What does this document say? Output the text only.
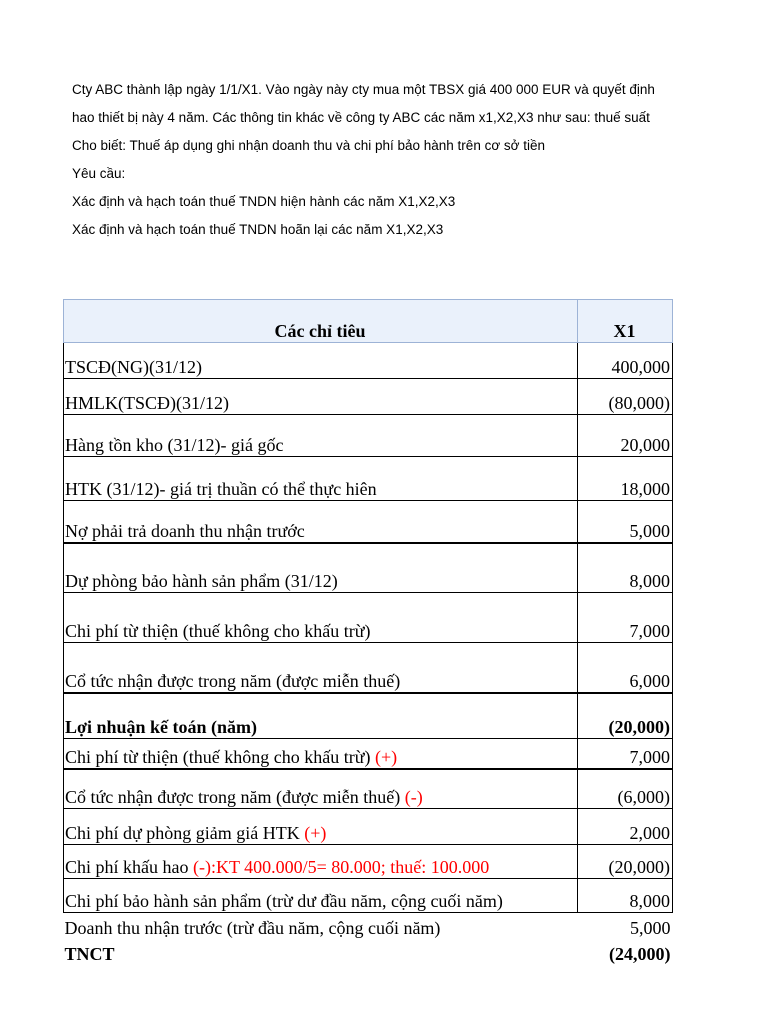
Cty ABC thành lập ngày 1/1/X1. Vào ngày này cty mua một TBSX giá 400 000 EUR và quyết định
hao thiết bị này 4 năm. Các thông tin khác về công ty ABC các năm x1,X2,X3 như sau: thuế suất
Cho biết: Thuế áp dụng ghi nhận doanh thu và chi phí bảo hành trên cơ sở tiền
Yêu cầu:
Xác định và hạch toán thuế TNDN hiện hành các năm X1,X2,X3
Xác định và hạch toán thuế TNDN hoãn lại các năm X1,X2,X3
Các chỉ tiêu	X1
TSCĐ(NG)(31/12)	400,000
HMLK(TSCĐ)(31/12)	(80,000)
Hàng tồn kho (31/12)- giá gốc	20,000
HTK (31/12)- giá trị thuần có thể thực hiên	18,000
Nợ phải trả doanh thu nhận trước	5,000
Dự phòng bảo hành sản phẩm (31/12)	8,000
Chi phí từ thiện (thuế không cho khấu trừ)	7,000
Cổ tức nhận được trong năm (được miễn thuế)	6,000
Lợi nhuận kế toán (năm)	(20,000)
Chi phí từ thiện (thuế không cho khấu trừ) (+)	7,000
Cổ tức nhận được trong năm (được miễn thuế) (-)	(6,000)
Chi phí dự phòng giảm giá HTK (+)	2,000
Chi phí khấu hao (-):KT 400.000/5= 80.000; thuế: 100.000	(20,000)
Chi phí bảo hành sản phẩm (trừ dư đầu năm, cộng cuối năm)	8,000
Doanh thu nhận trước (trừ đầu năm, cộng cuối năm)	5,000
TNCT	(24,000)
